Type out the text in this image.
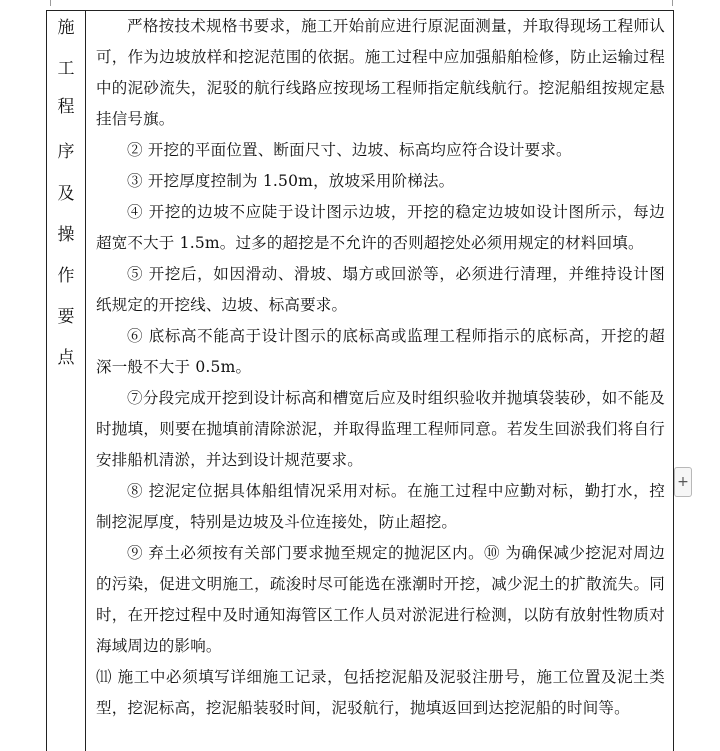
施
工
程
序
及
操
作
要
点

严格按技术规格书要求，施工开始前应进行原泥面测量，并取得现场工程师认可，作为边坡放样和挖泥范围的依据。施工过程中应加强船舶检修，防止运输过程中的泥砂流失，泥驳的航行线路应按现场工程师指定航线航行。挖泥船组按规定悬挂信号旗。

② 开挖的平面位置、断面尺寸、边坡、标高均应符合设计要求。

③ 开挖厚度控制为 1.50m，放坡采用阶梯法。

④ 开挖的边坡不应陡于设计图示边坡，开挖的稳定边坡如设计图所示，每边超宽不大于 1.5m。过多的超挖是不允许的否则超挖处必须用规定的材料回填。

⑤ 开挖后，如因滑动、滑坡、塌方或回淤等，必须进行清理，并维持设计图纸规定的开挖线、边坡、标高要求。

⑥ 底标高不能高于设计图示的底标高或监理工程师指示的底标高，开挖的超深一般不大于 0.5m。

⑦分段完成开挖到设计标高和槽宽后应及时组织验收并抛填袋装砂，如不能及时抛填，则要在抛填前清除淤泥，并取得监理工程师同意。若发生回淤我们将自行安排船机清淤，并达到设计规范要求。

⑧ 挖泥定位据具体船组情况采用对标。在施工过程中应勤对标，勤打水，控制挖泥厚度，特别是边坡及斗位连接处，防止超挖。

⑨ 弃土必须按有关部门要求抛至规定的抛泥区内。⑩ 为确保减少挖泥对周边的污染，促进文明施工，疏浚时尽可能选在涨潮时开挖，减少泥土的扩散流失。同时，在开挖过程中及时通知海管区工作人员对淤泥进行检测，以防有放射性物质对海域周边的影响。

⑾ 施工中必须填写详细施工记录，包括挖泥船及泥驳注册号，施工位置及泥土类型，挖泥标高，挖泥船装驳时间，泥驳航行，抛填返回到达挖泥船的时间等。

+
